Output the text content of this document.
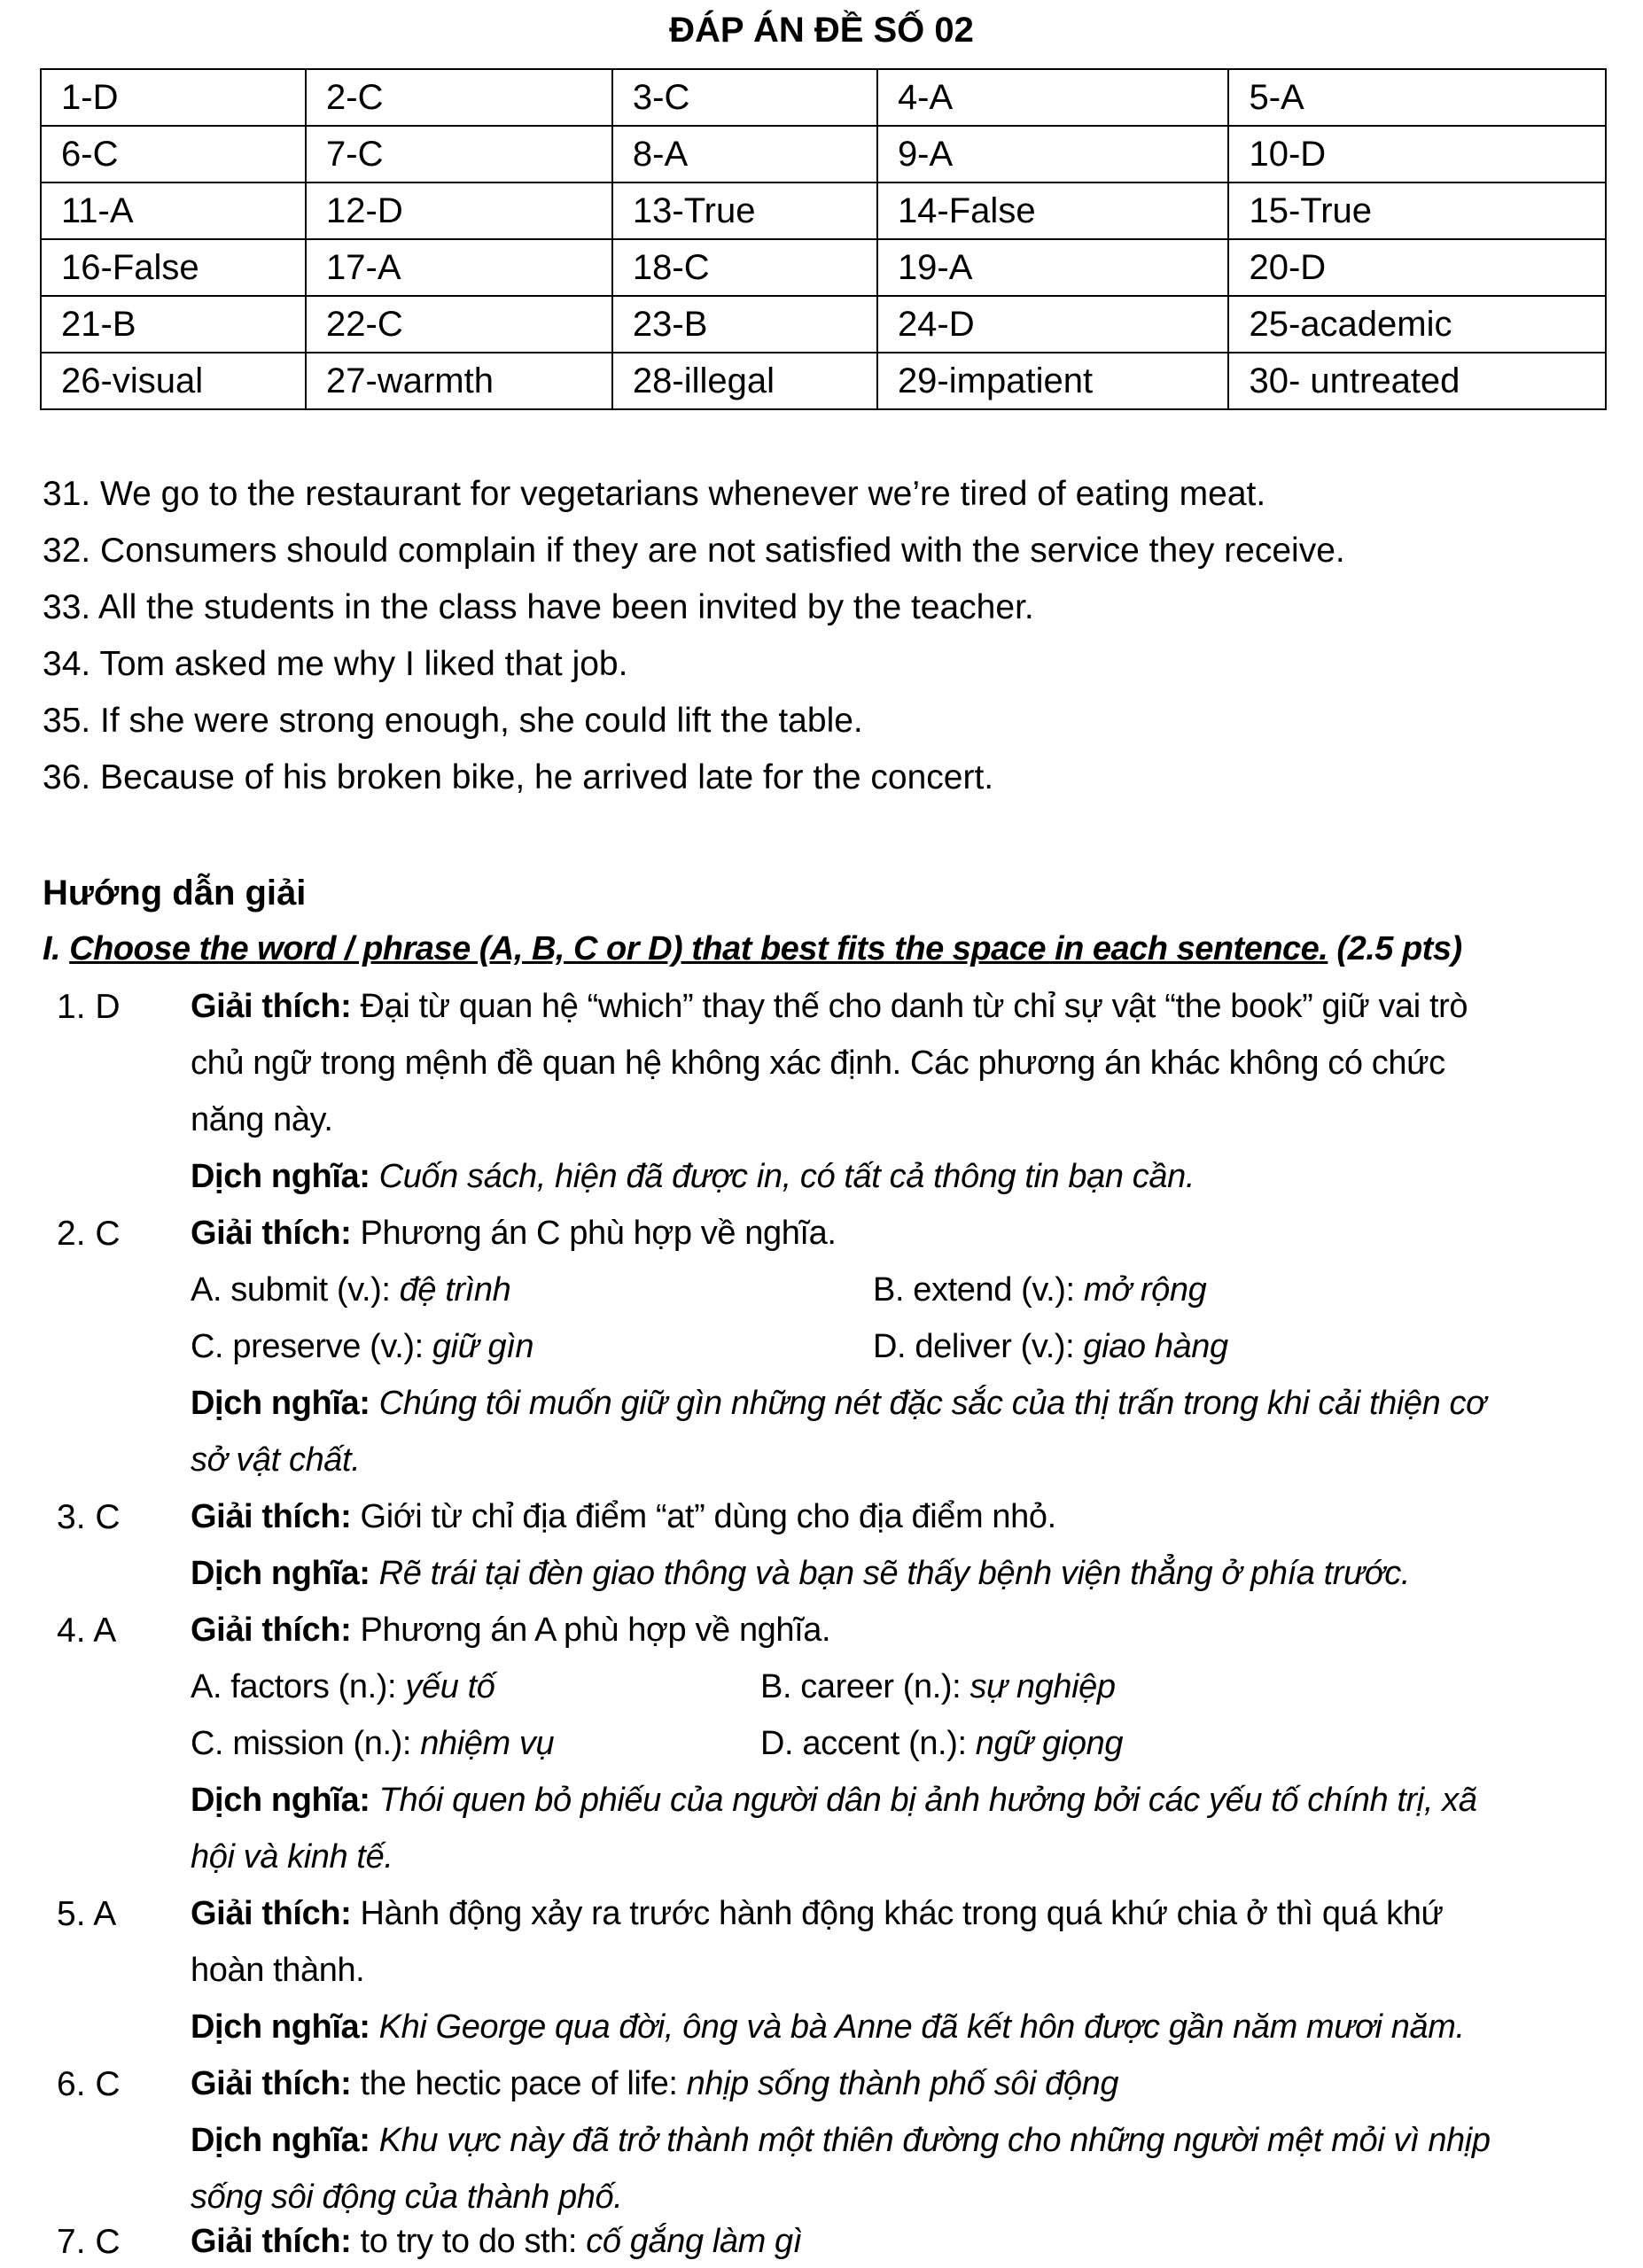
ĐÁP ÁN ĐỀ SỐ 02
1-D	2-C	3-C	4-A	5-A
6-C	7-C	8-A	9-A	10-D
11-A	12-D	13-True	14-False	15-True
16-False	17-A	18-C	19-A	20-D
21-B	22-C	23-B	24-D	25-academic
26-visual	27-warmth	28-illegal	29-impatient	30- untreated
31. We go to the restaurant for vegetarians whenever we’re tired of eating meat.
32. Consumers should complain if they are not satisfied with the service they receive.
33. All the students in the class have been invited by the teacher.
34. Tom asked me why I liked that job.
35. If she were strong enough, she could lift the table.
36. Because of his broken bike, he arrived late for the concert.
Hướng dẫn giải
I. Choose the word / phrase (A, B, C or D) that best fits the space in each sentence. (2.5 pts)
1. D Giải thích: Đại từ quan hệ “which” thay thế cho danh từ chỉ sự vật “the book” giữ vai trò
chủ ngữ trong mệnh đề quan hệ không xác định. Các phương án khác không có chức
năng này.
Dịch nghĩa: Cuốn sách, hiện đã được in, có tất cả thông tin bạn cần.
2. C Giải thích: Phương án C phù hợp về nghĩa.
A. submit (v.): đệ trình	B. extend (v.): mở rộng
C. preserve (v.): giữ gìn	D. deliver (v.): giao hàng
Dịch nghĩa: Chúng tôi muốn giữ gìn những nét đặc sắc của thị trấn trong khi cải thiện cơ
sở vật chất.
3. C Giải thích: Giới từ chỉ địa điểm “at” dùng cho địa điểm nhỏ.
Dịch nghĩa: Rẽ trái tại đèn giao thông và bạn sẽ thấy bệnh viện thẳng ở phía trước.
4. A Giải thích: Phương án A phù hợp về nghĩa.
A. factors (n.): yếu tố	B. career (n.): sự nghiệp
C. mission (n.): nhiệm vụ	D. accent (n.): ngữ giọng
Dịch nghĩa: Thói quen bỏ phiếu của người dân bị ảnh hưởng bởi các yếu tố chính trị, xã
hội và kinh tế.
5. A Giải thích: Hành động xảy ra trước hành động khác trong quá khứ chia ở thì quá khứ
hoàn thành.
Dịch nghĩa: Khi George qua đời, ông và bà Anne đã kết hôn được gần năm mươi năm.
6. C Giải thích: the hectic pace of life: nhịp sống thành phố sôi động
Dịch nghĩa: Khu vực này đã trở thành một thiên đường cho những người mệt mỏi vì nhịp
sống sôi động của thành phố.
7. C Giải thích: to try to do sth: cố gắng làm gì
